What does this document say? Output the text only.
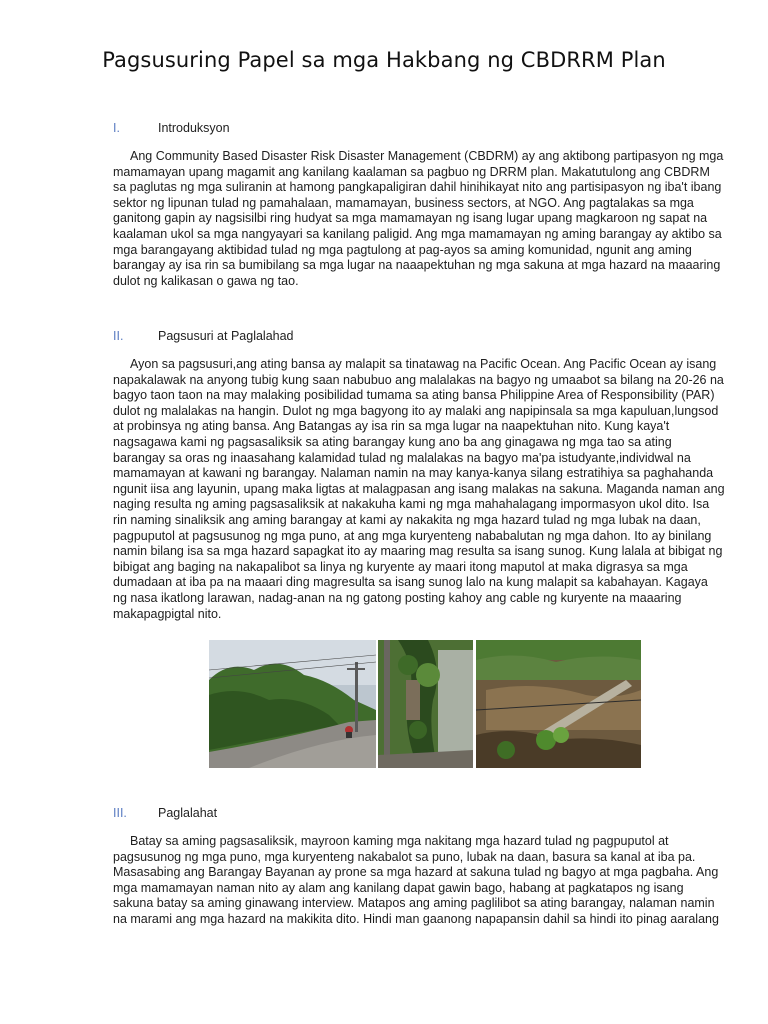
Pagsusuring Papel sa mga Hakbang ng CBDRRM Plan
I.	Introduksyon
Ang Community Based Disaster Risk Disaster Management (CBDRM) ay ang aktibong partipasyon ng mga mamamayan upang magamit ang kanilang kaalaman sa pagbuo ng DRRM plan. Makatutulong ang CBDRM sa paglutas ng mga suliranin at hamong pangkapaligiran dahil hinihikayat nito ang partisipasyon ng iba't ibang sektor ng lipunan tulad ng pamahalaan, mamamayan, business sectors, at NGO. Ang pagtalakas sa mga ganitong gapin ay nagsisilbi ring hudyat sa mga mamamayan ng isang lugar upang magkaroon ng sapat na kaalaman ukol sa mga nangyayari sa kanilang paligid. Ang mga mamamayan ng aming barangay ay aktibo sa mga barangayang aktibidad tulad ng mga pagtulong at pag-ayos sa aming komunidad, ngunit ang aming barangay ay isa rin sa bumibilang sa mga lugar na naaapektuhan ng mga sakuna at mga hazard na maaaring dulot ng kalikasan o gawa ng tao.
II.	Pagsusuri at Paglalahad
Ayon sa pagsusuri,ang ating bansa ay malapit sa tinatawag na Pacific Ocean. Ang Pacific Ocean ay isang napakalawak na anyong tubig kung saan nabubuo ang malalakas na bagyo ng umaabot sa bilang na 20-26 na bagyo taon taon na may malaking posibilidad tumama sa ating bansa Philippine Area of Responsibility (PAR) dulot ng malalakas na hangin. Dulot ng mga bagyong ito ay malaki ang napipinsala sa mga kapuluan,lungsod at probinsya ng ating bansa. Ang Batangas ay isa rin sa mga lugar na naapektuhan nito. Kung kaya't nagsagawa kami ng pagsasaliksik sa ating barangay kung ano ba ang ginagawa ng mga tao sa ating barangay sa oras ng inaasahang kalamidad tulad ng malalakas na bagyo ma'pa istudyante,individwal na mamamayan at kawani ng barangay. Nalaman namin na may kanya-kanya silang estratihiya sa paghahanda ngunit iisa ang layunin, upang maka ligtas at malagpasan ang isang malakas na sakuna. Maganda naman ang naging resulta ng aming pagsasaliksik at nakakuha kami ng mga mahahalagang impormasyon ukol dito. Isa rin naming sinaliksik ang aming barangay at kami ay nakakita ng mga hazard tulad ng mga lubak na daan, pagpuputol at pagsusunog ng mga puno, at ang mga kuryenteng nababalutan ng mga dahon. Ito ay binilang namin bilang isa sa mga hazard sapagkat ito ay maaring mag resulta sa isang sunog. Kung lalala at bibigat ng bibigat ang baging na nakapalibot sa linya ng kuryente ay maari itong maputol at maka digrasya sa mga dumadaan at iba pa na maaari ding magresulta sa isang sunog lalo na kung malapit sa kabahayan. Kagaya ng nasa ikatlong larawan, nadag-anan na ng gatong posting kahoy ang cable ng kuryente na maaaring makapagpigtal nito.
III. Paglalahat
Batay sa aming pagsasaliksik, mayroon kaming mga nakitang mga hazard tulad ng pagpuputol at pagsusunog ng mga puno, mga kuryenteng nakabalot sa puno, lubak na daan, basura sa kanal at iba pa. Masasabing ang Barangay Bayanan ay prone sa mga hazard at sakuna tulad ng bagyo at mga pagbaha. Ang mga mamamayan naman nito ay alam ang kanilang dapat gawin bago, habang at pagkatapos ng isang sakuna batay sa aming ginawang interview. Matapos ang aming paglilibot sa ating barangay, nalaman namin na marami ang mga hazard na makikita dito. Hindi man gaanong napapansin dahil sa hindi ito pinag aaralang
